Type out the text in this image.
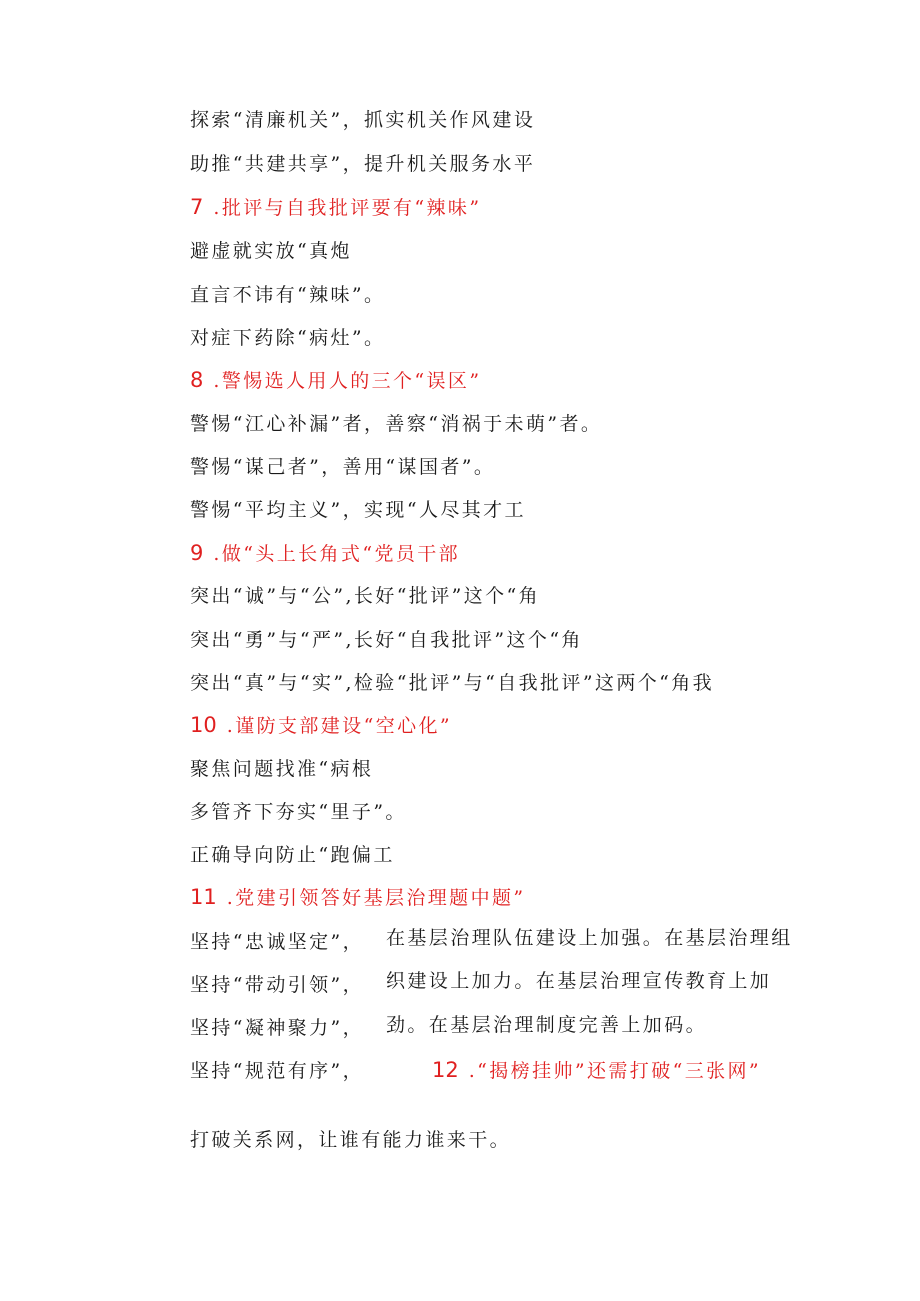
探索“清廉机关”，抓实机关作风建设
助推“共建共享”，提升机关服务水平
7 .批评与自我批评要有“辣味”
避虚就实放“真炮
直言不讳有“辣味”。
对症下药除“病灶”。
8 .警惕选人用人的三个“误区”
警惕“江心补漏”者，善察“消祸于未萌”者。
警惕“谋己者”，善用“谋国者”。
警惕“平均主义”，实现“人尽其才工
9 .做“头上长角式“党员干部
突出“诚”与“公”,长好“批评”这个“角
突出“勇”与“严”,长好“自我批评”这个“角
突出“真”与“实”,检验“批评”与“自我批评”这两个“角我
10 .谨防支部建设“空心化”
聚焦问题找准“病根
多管齐下夯实“里子”。
正确导向防止“跑偏工
11 .党建引领答好基层治理题中题”
坚持“忠诚坚定”，
坚持“带动引领”，
坚持“凝神聚力”，
坚持“规范有序”，
在基层治理队伍建设上加强。在基层治理组
织建设上加力。在基层治理宣传教育上加
劲。在基层治理制度完善上加码。
12 .“揭榜挂帅”还需打破“三张网”
打破关系网，让谁有能力谁来干。
